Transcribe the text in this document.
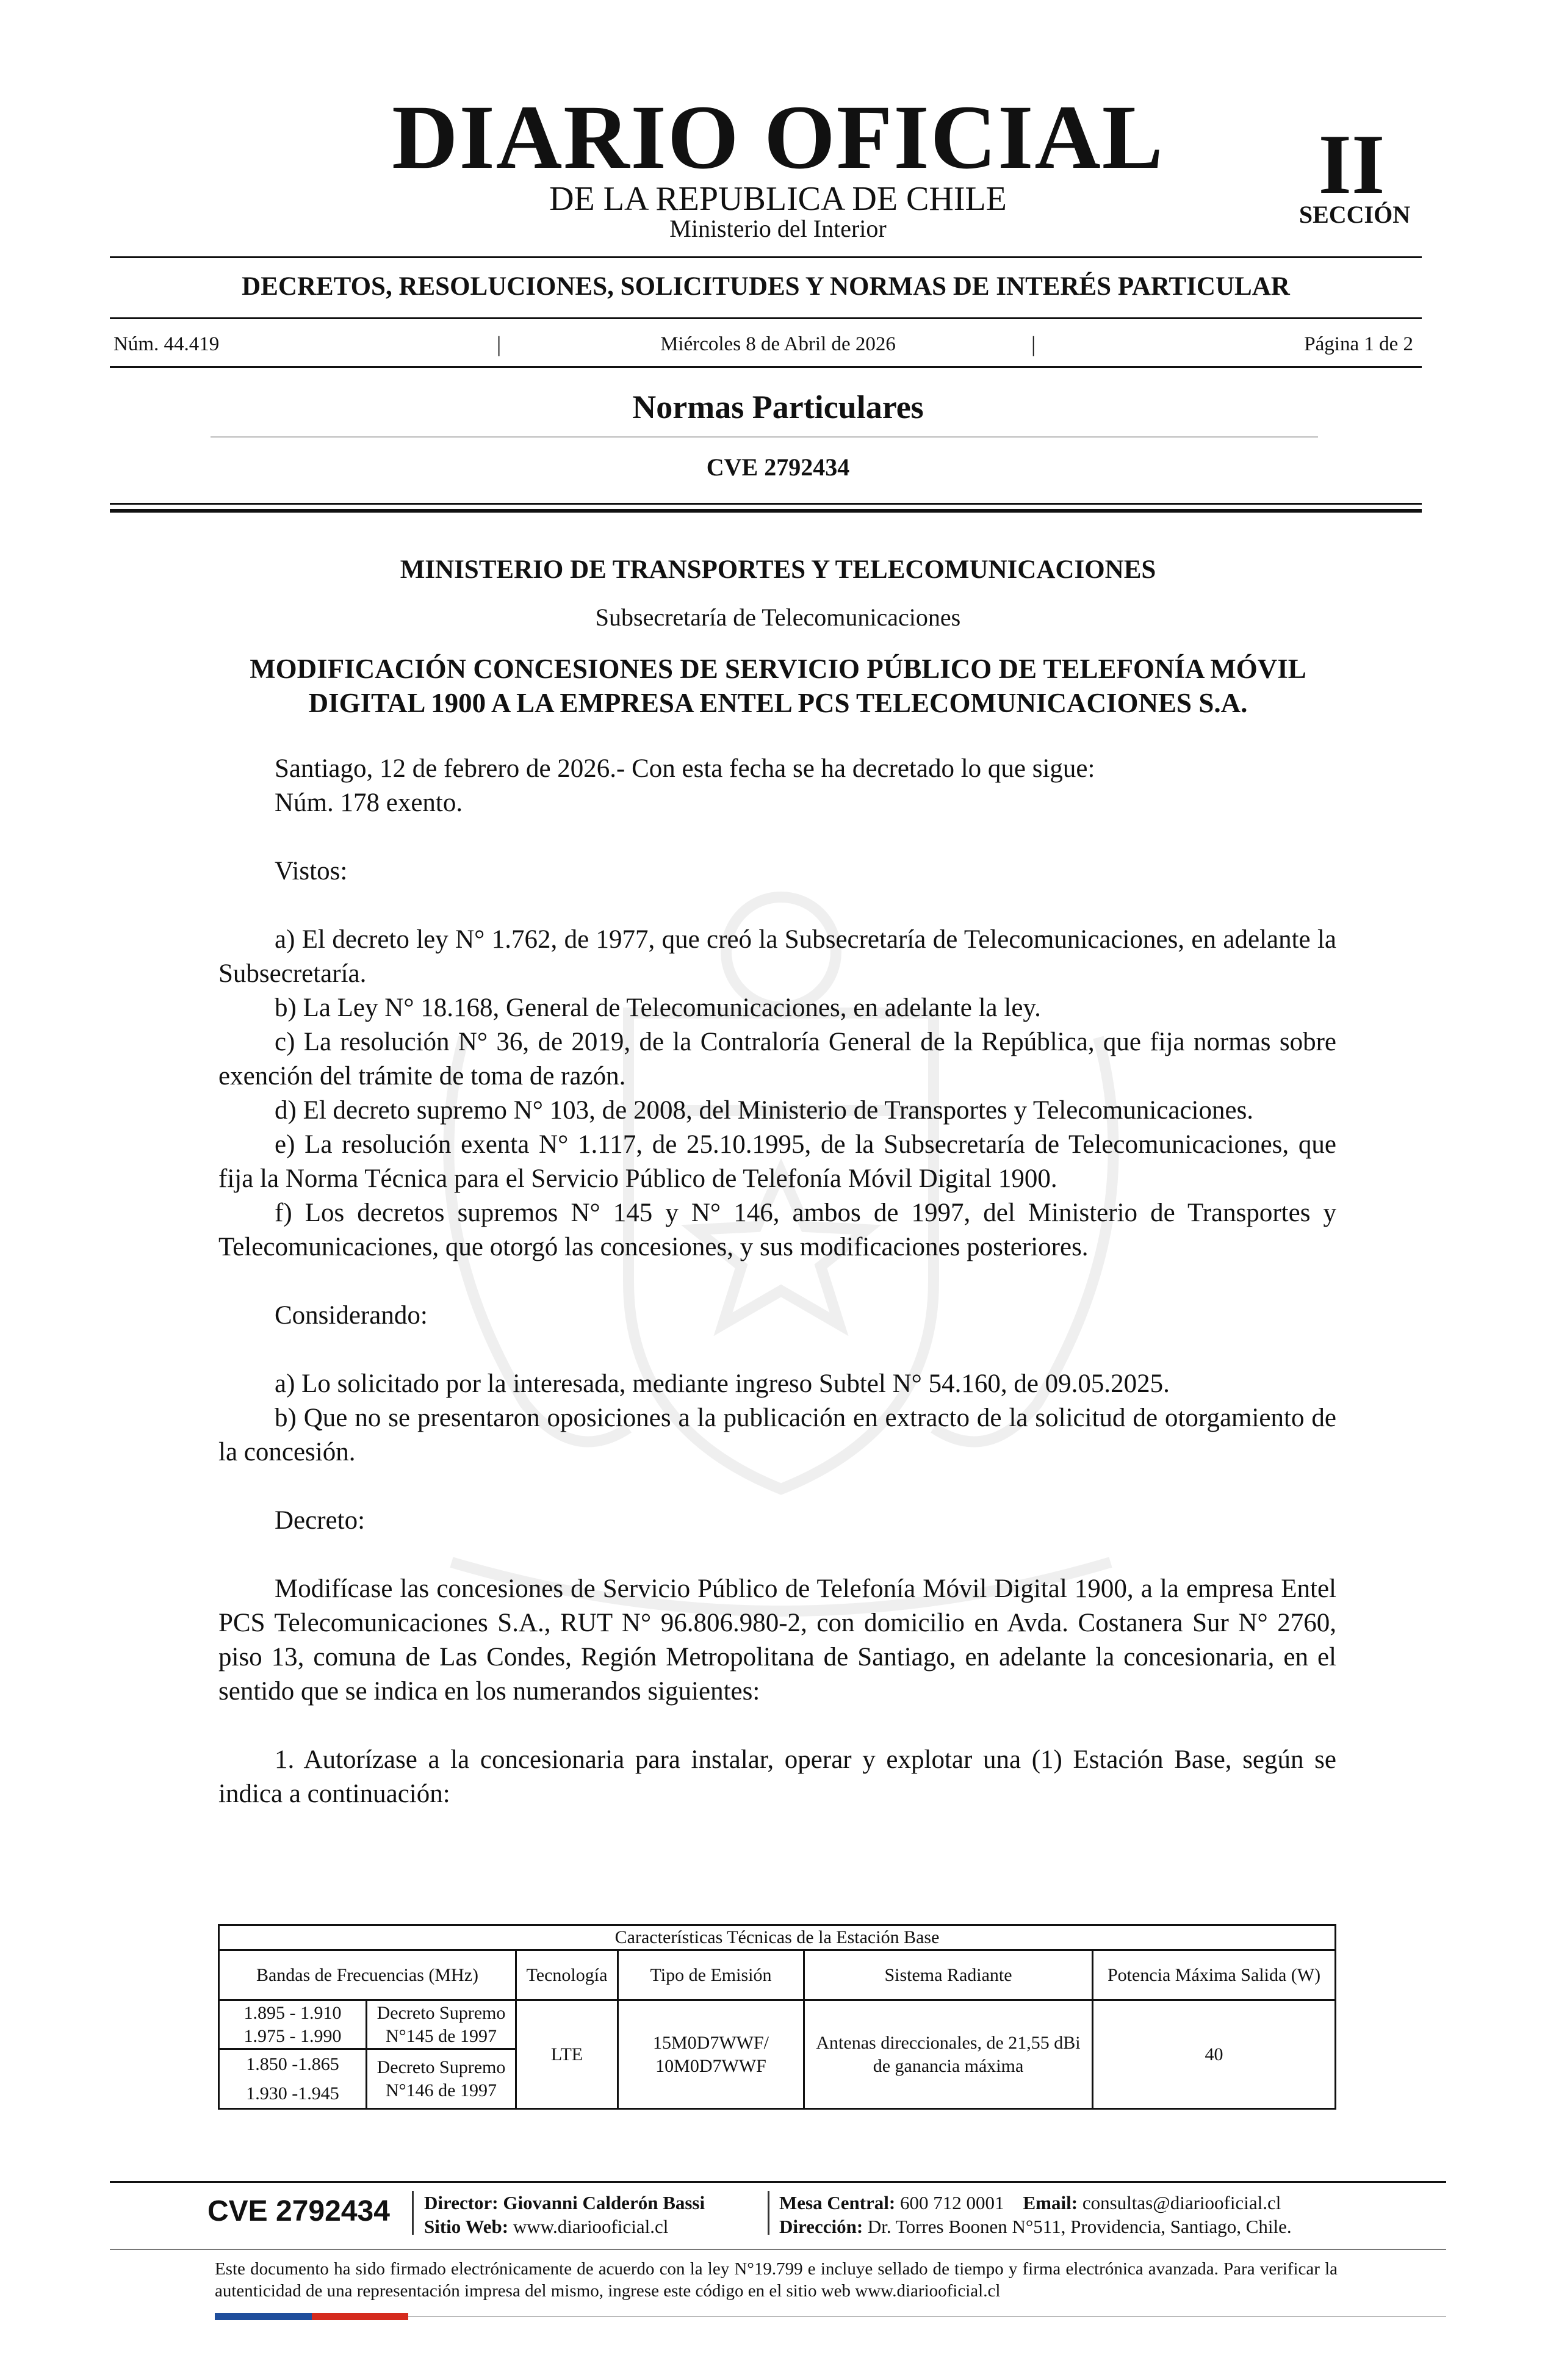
DIARIO OFICIAL
DE LA REPUBLICA DE CHILE
Ministerio del Interior
II
SECCIÓN
DECRETOS, RESOLUCIONES, SOLICITUDES Y NORMAS DE INTERÉS PARTICULAR
Núm. 44.419	|	Miércoles 8 de Abril de 2026	|	Página 1 de 2
Normas Particulares
CVE 2792434
MINISTERIO DE TRANSPORTES Y TELECOMUNICACIONES
Subsecretaría de Telecomunicaciones
MODIFICACIÓN CONCESIONES DE SERVICIO PÚBLICO DE TELEFONÍA MÓVIL
DIGITAL 1900 A LA EMPRESA ENTEL PCS TELECOMUNICACIONES S.A.

Santiago, 12 de febrero de 2026.- Con esta fecha se ha decretado lo que sigue:

Núm. 178 exento.

Vistos:

a) El decreto ley N° 1.762, de 1977, que creó la Subsecretaría de Telecomunicaciones, en adelante la Subsecretaría.

b) La Ley N° 18.168, General de Telecomunicaciones, en adelante la ley.

c) La resolución N° 36, de 2019, de la Contraloría General de la República, que fija normas sobre exención del trámite de toma de razón.

d) El decreto supremo N° 103, de 2008, del Ministerio de Transportes y Telecomunicaciones.

e) La resolución exenta N° 1.117, de 25.10.1995, de la Subsecretaría de Telecomunicaciones, que fija la Norma Técnica para el Servicio Público de Telefonía Móvil Digital 1900.

f) Los decretos supremos N° 145 y N° 146, ambos de 1997, del Ministerio de Transportes y Telecomunicaciones, que otorgó las concesiones, y sus modificaciones posteriores.

Considerando:

a) Lo solicitado por la interesada, mediante ingreso Subtel N° 54.160, de 09.05.2025.

b) Que no se presentaron oposiciones a la publicación en extracto de la solicitud de otorgamiento de la concesión.

Decreto:

Modifícase las concesiones de Servicio Público de Telefonía Móvil Digital 1900, a la empresa Entel PCS Telecomunicaciones S.A., RUT N° 96.806.980-2, con domicilio en Avda. Costanera Sur N° 2760, piso 13, comuna de Las Condes, Región Metropolitana de Santiago, en adelante la concesionaria, en el sentido que se indica en los numerandos siguientes:

1. Autorízase a la concesionaria para instalar, operar y explotar una (1) Estación Base, según se indica a continuación:

Características Técnicas de la Estación Base					
Bandas de Frecuencias (MHz)		Tecnología	Tipo de Emisión	Sistema Radiante	Potencia Máxima Salida (W)

1.895 - 1.910
1.975 - 1.990	Decreto Supremo N°145 de 1997	LTE	15M0D7WWF/
10M0D7WWF	Antenas direccionales, de 21,55 dBi de ganancia máxima	40

1.850 -1.865
1.930 -1.945	Decreto Supremo N°146 de 1997				
CVE 2792434 Director: Giovanni Calderón Bassi
Sitio Web: www.diariooficial.cl
Mesa Central: 600 712 0001 Email: consultas@diariooficial.cl
Dirección: Dr. Torres Boonen N°511, Providencia, Santiago, Chile.
Este documento ha sido firmado electrónicamente de acuerdo con la ley N°19.799 e incluye sellado de tiempo y firma electrónica avanzada. Para verificar la autenticidad de una representación impresa del mismo, ingrese este código en el sitio web www.diariooficial.cl
